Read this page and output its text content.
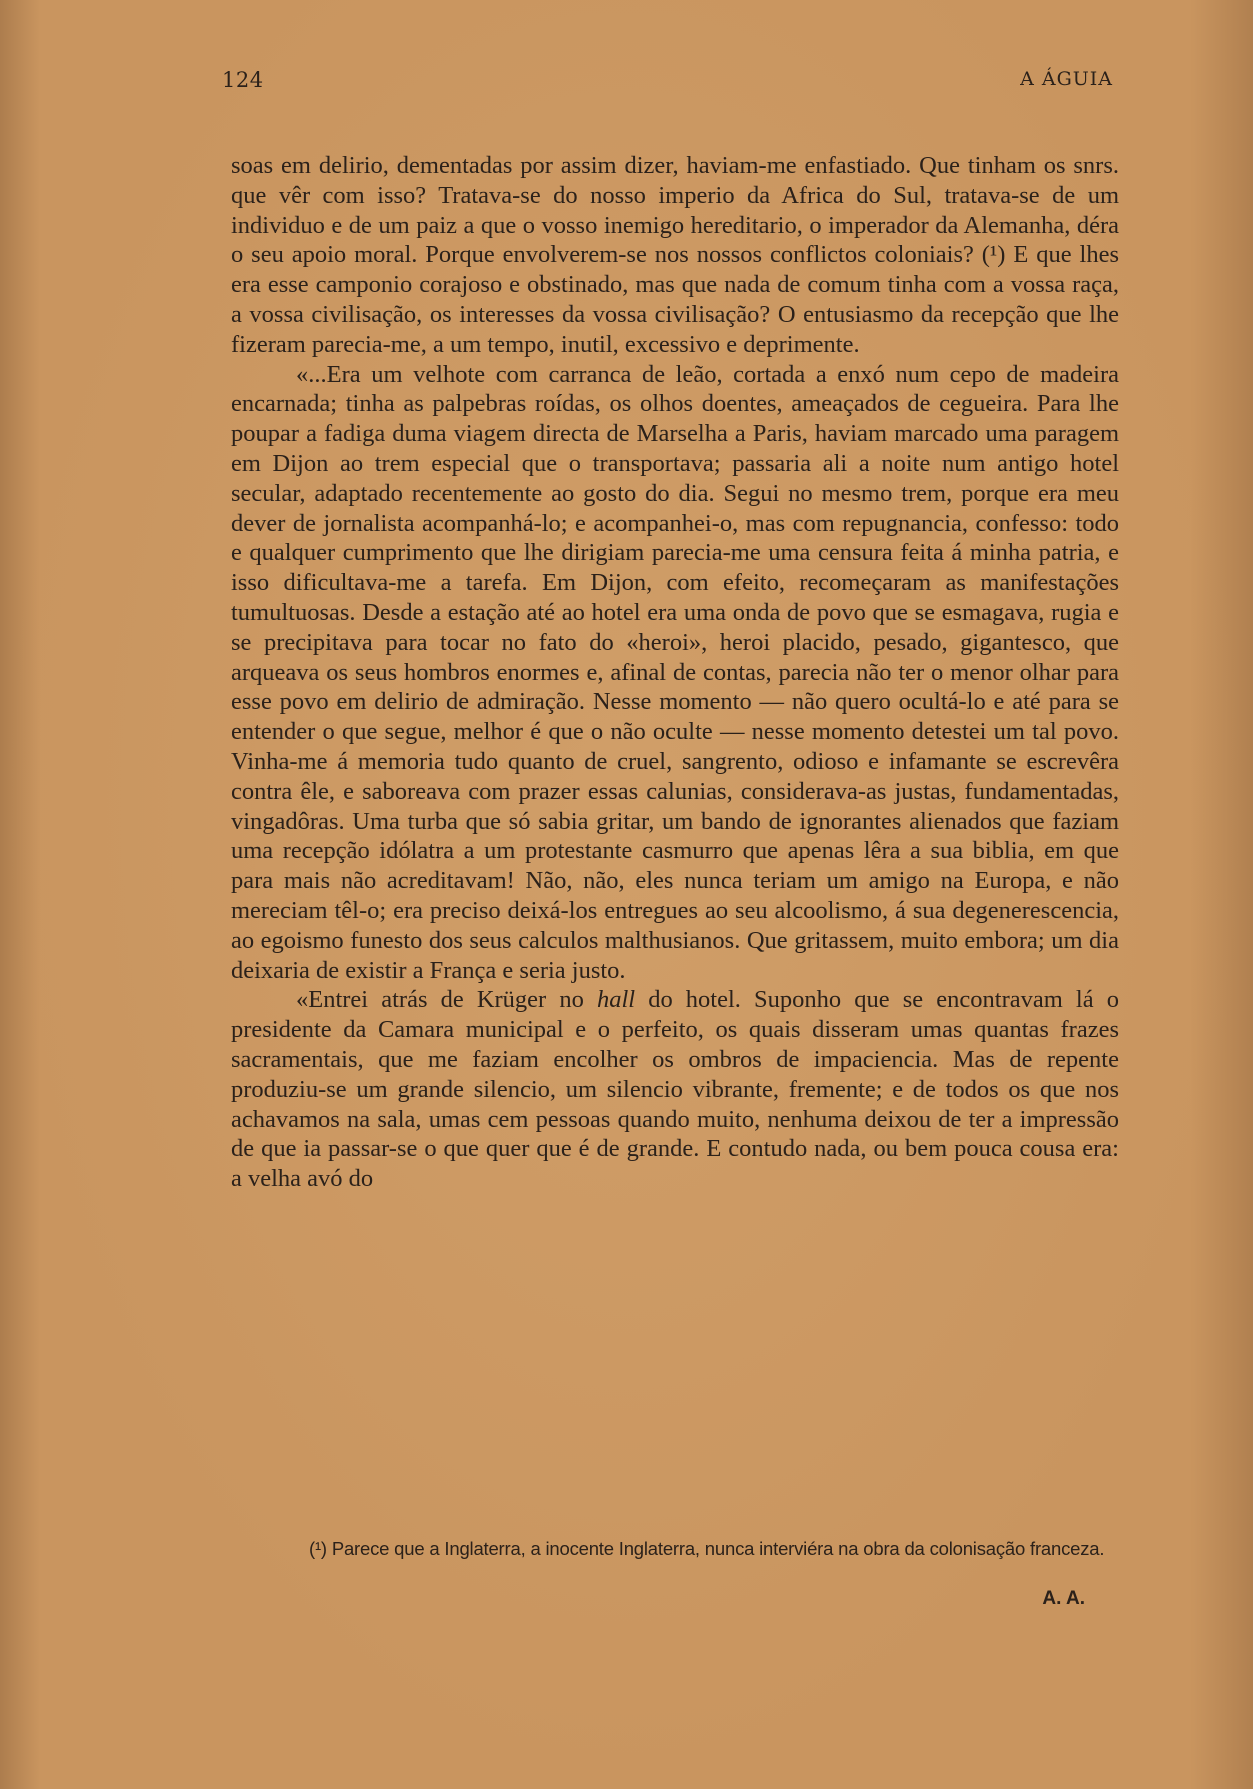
124	A ÁGUIA

soas em delirio, dementadas por assim dizer, haviam-me enfastiado. Que tinham os snrs. que vêr com isso? Tratava-se do nosso imperio da Africa do Sul, tratava-se de um individuo e de um paiz a que o vosso inemigo hereditario, o imperador da Alemanha, déra o seu apoio moral. Porque envolverem-se nos nossos conflictos coloniais? (¹) E que lhes era esse camponio corajoso e obstinado, mas que nada de comum tinha com a vossa raça, a vossa civilisação, os interesses da vossa civilisação? O entusiasmo da recepção que lhe fizeram parecia-me, a um tempo, inutil, excessivo e deprimente.

«...Era um velhote com carranca de leão, cortada a enxó num cepo de madeira encarnada; tinha as palpebras roídas, os olhos doentes, ameaçados de cegueira. Para lhe poupar a fadiga duma viagem directa de Marselha a Paris, haviam marcado uma paragem em Dijon ao trem especial que o transportava; passaria ali a noite num antigo hotel secular, adaptado recentemente ao gosto do dia. Segui no mesmo trem, porque era meu dever de jornalista acompanhá-lo; e acompanhei-o, mas com repugnancia, confesso: todo e qualquer cumprimento que lhe dirigiam parecia-me uma censura feita á minha patria, e isso dificultava-me a tarefa. Em Dijon, com efeito, recomeçaram as manifestações tumultuosas. Desde a estação até ao hotel era uma onda de povo que se esmagava, rugia e se precipitava para tocar no fato do «heroi», heroi placido, pesado, gigantesco, que arqueava os seus hombros enormes e, afinal de contas, parecia não ter o menor olhar para esse povo em delirio de admiração. Nesse momento — não quero ocultá-lo e até para se entender o que segue, melhor é que o não oculte — nesse momento detestei um tal povo. Vinha-me á memoria tudo quanto de cruel, sangrento, odioso e infamante se escrevêra contra êle, e saboreava com prazer essas calunias, considerava-as justas, fundamentadas, vingadôras. Uma turba que só sabia gritar, um bando de ignorantes alienados que faziam uma recepção idólatra a um protestante casmurro que apenas lêra a sua biblia, em que para mais não acreditavam! Não, não, eles nunca teriam um amigo na Europa, e não mereciam têl-o; era preciso deixá-los entregues ao seu alcoolismo, á sua degenerescencia, ao egoismo funesto dos seus calculos malthusianos. Que gritassem, muito embora; um dia deixaria de existir a França e seria justo.

«Entrei atrás de Krüger no hall do hotel. Suponho que se encontravam lá o presidente da Camara municipal e o perfeito, os quais disseram umas quantas frazes sacramentais, que me faziam encolher os ombros de impaciencia. Mas de repente produziu-se um grande silencio, um silencio vibrante, frementе; e de todos os que nos achavamos na sala, umas cem pessoas quando muito, nenhuma deixou de ter a impressão de que ia passar-se o que quer que é de grande. E contudo nada, ou bem pouca cousa era: a velha avó do

(¹) Parece que a Inglaterra, a inocente Inglaterra, nunca interviéra na obra da colonisação franceza.

A. A.
